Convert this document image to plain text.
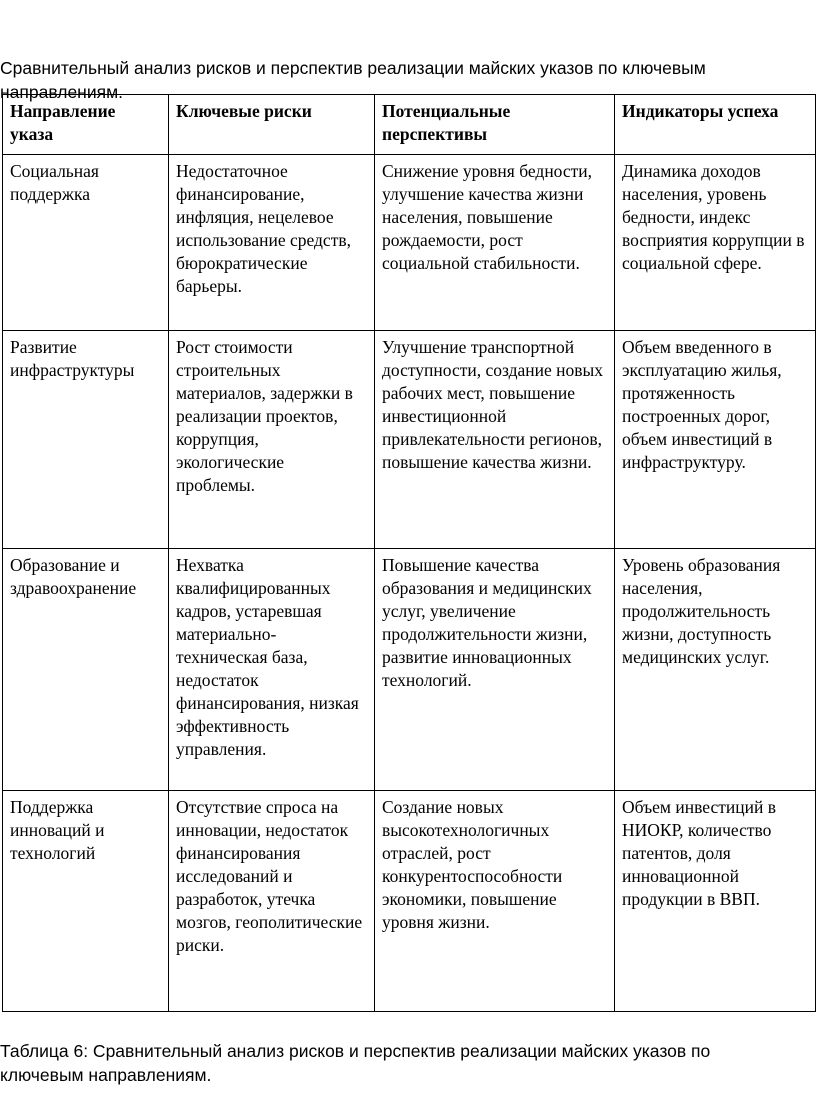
Сравнительный анализ рисков и перспектив реализации майских указов по ключевым направлениям.

Направление указа	Ключевые риски	Потенциальные перспективы	Индикаторы успеха
Социальная поддержка	Недостаточное финансирование, инфляция, нецелевое использование средств, бюрократические барьеры.	Снижение уровня бедности, улучшение качества жизни населения, повышение рождаемости, рост социальной стабильности.	Динамика доходов населения, уровень бедности, индекс восприятия коррупции в социальной сфере.
Развитие инфраструктуры	Рост стоимости строительных материалов, задержки в реализации проектов, коррупция, экологические проблемы.	Улучшение транспортной доступности, создание новых рабочих мест, повышение инвестиционной привлекательности регионов, повышение качества жизни.	Объем введенного в эксплуатацию жилья, протяженность построенных дорог, объем инвестиций в инфраструктуру.
Образование и здравоохранение	Нехватка квалифицированных кадров, устаревшая материально-техническая база, недостаток финансирования, низкая эффективность управления.	Повышение качества образования и медицинских услуг, увеличение продолжительности жизни, развитие инновационных технологий.	Уровень образования населения, продолжительность жизни, доступность медицинских услуг.
Поддержка инноваций и технологий	Отсутствие спроса на инновации, недостаток финансирования исследований и разработок, утечка мозгов, геополитические риски.	Создание новых высокотехнологичных отраслей, рост конкурентоспособности экономики, повышение уровня жизни.	Объем инвестиций в НИОКР, количество патентов, доля инновационной продукции в ВВП.

Таблица 6: Сравнительный анализ рисков и перспектив реализации майских указов по ключевым направлениям.
